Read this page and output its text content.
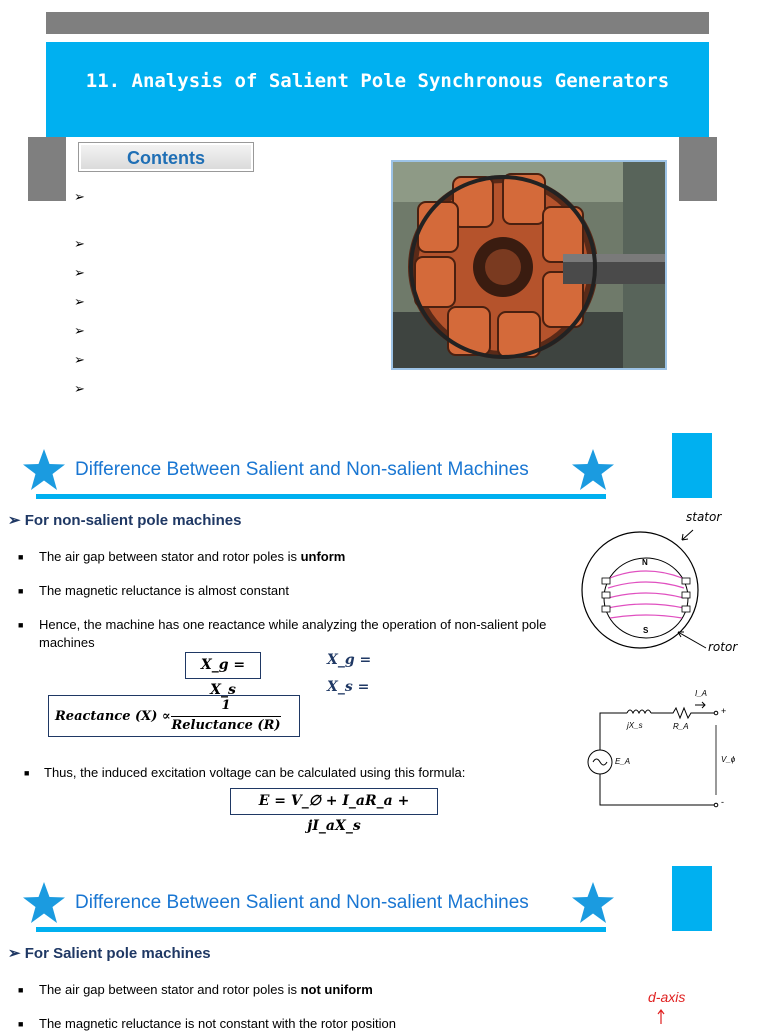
11. Analysis of Salient Pole Synchronous Generators
Contents
➢
➢
➢
➢
➢
➢
➢
Difference Between Salient and Non-salient Machines
➢ For non-salient pole machines
■ The air gap between stator and rotor poles is unform
■ The magnetic reluctance is almost constant
■ Hence, the machine has one reactance while analyzing the operation of non-salient pole machines
X_g = X_s
X_g =
X_s =
Reactance (X) ∝
1
Reluctance (R)
■ Thus, the induced excitation voltage can be calculated using this formula:
E = V_∅ + I_aR_a + jI_aX_s
stator
rotor
N
S
jX_s	R_A
I_A
E_A	V_ϕ
+
-
Difference Between Salient and Non-salient Machines
➢ For Salient pole machines
■ The air gap between stator and rotor poles is not uniform
■ The magnetic reluctance is not constant with the rotor position
d-axis
